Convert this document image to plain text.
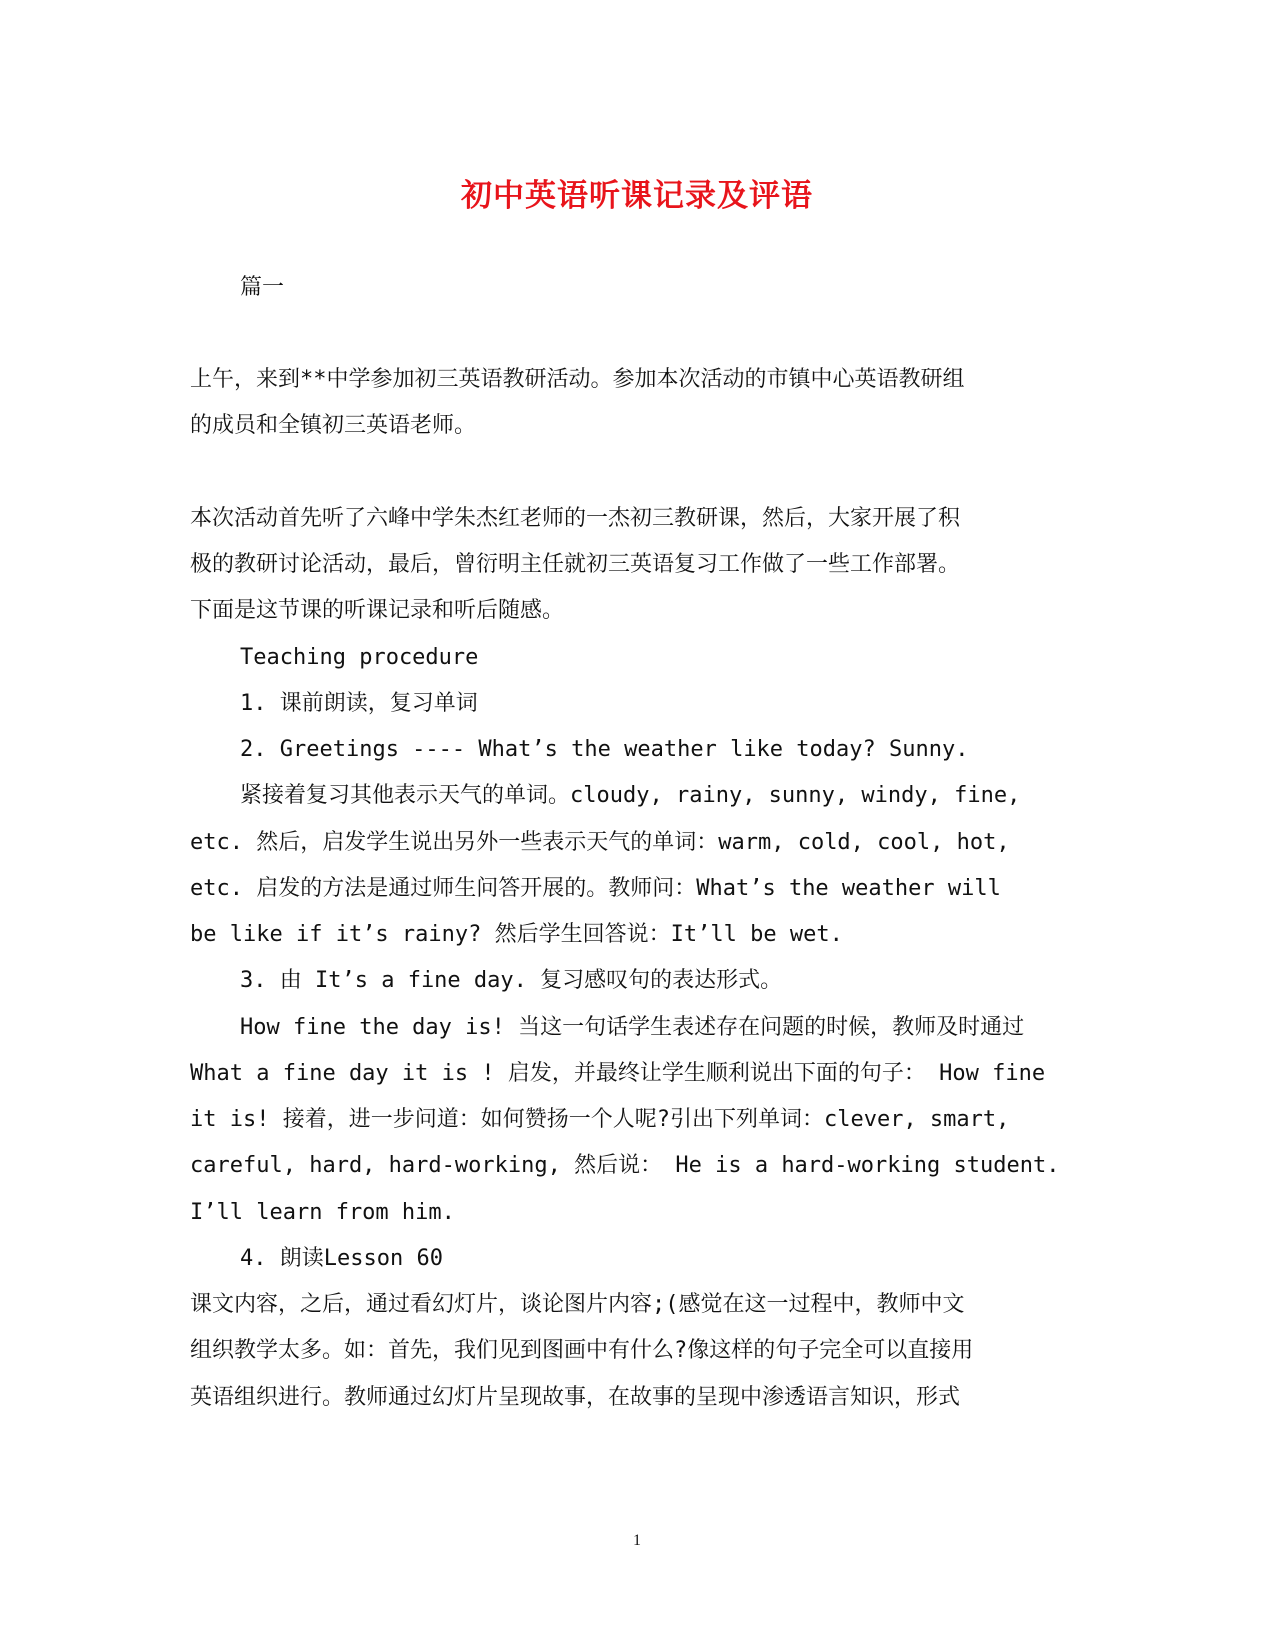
初中英语听课记录及评语
篇一
上午，来到**中学参加初三英语教研活动。参加本次活动的市镇中心英语教研组
的成员和全镇初三英语老师。
本次活动首先听了六峰中学朱杰红老师的一杰初三教研课，然后，大家开展了积
极的教研讨论活动，最后，曾衍明主任就初三英语复习工作做了一些工作部署。
下面是这节课的听课记录和听后随感。
Teaching procedure
1. 课前朗读，复习单词
2. Greetings ---- What’s the weather like today? Sunny.
紧接着复习其他表示天气的单词。cloudy, rainy, sunny, windy, fine,
etc. 然后，启发学生说出另外一些表示天气的单词：warm, cold, cool, hot,
etc. 启发的方法是通过师生问答开展的。教师问：What’s the weather will
be like if it’s rainy? 然后学生回答说：It’ll be wet.
3. 由 It’s a fine day. 复习感叹句的表达形式。
How fine the day is! 当这一句话学生表述存在问题的时候，教师及时通过
What a fine day it is ! 启发，并最终让学生顺利说出下面的句子： How fine
it is! 接着，进一步问道：如何赞扬一个人呢?引出下列单词：clever, smart,
careful, hard, hard-working, 然后说： He is a hard-working student.
I’ll learn from him.
4. 朗读Lesson 60
课文内容，之后，通过看幻灯片，谈论图片内容;(感觉在这一过程中，教师中文
组织教学太多。如：首先，我们见到图画中有什么?像这样的句子完全可以直接用
英语组织进行。教师通过幻灯片呈现故事，在故事的呈现中渗透语言知识，形式
1
